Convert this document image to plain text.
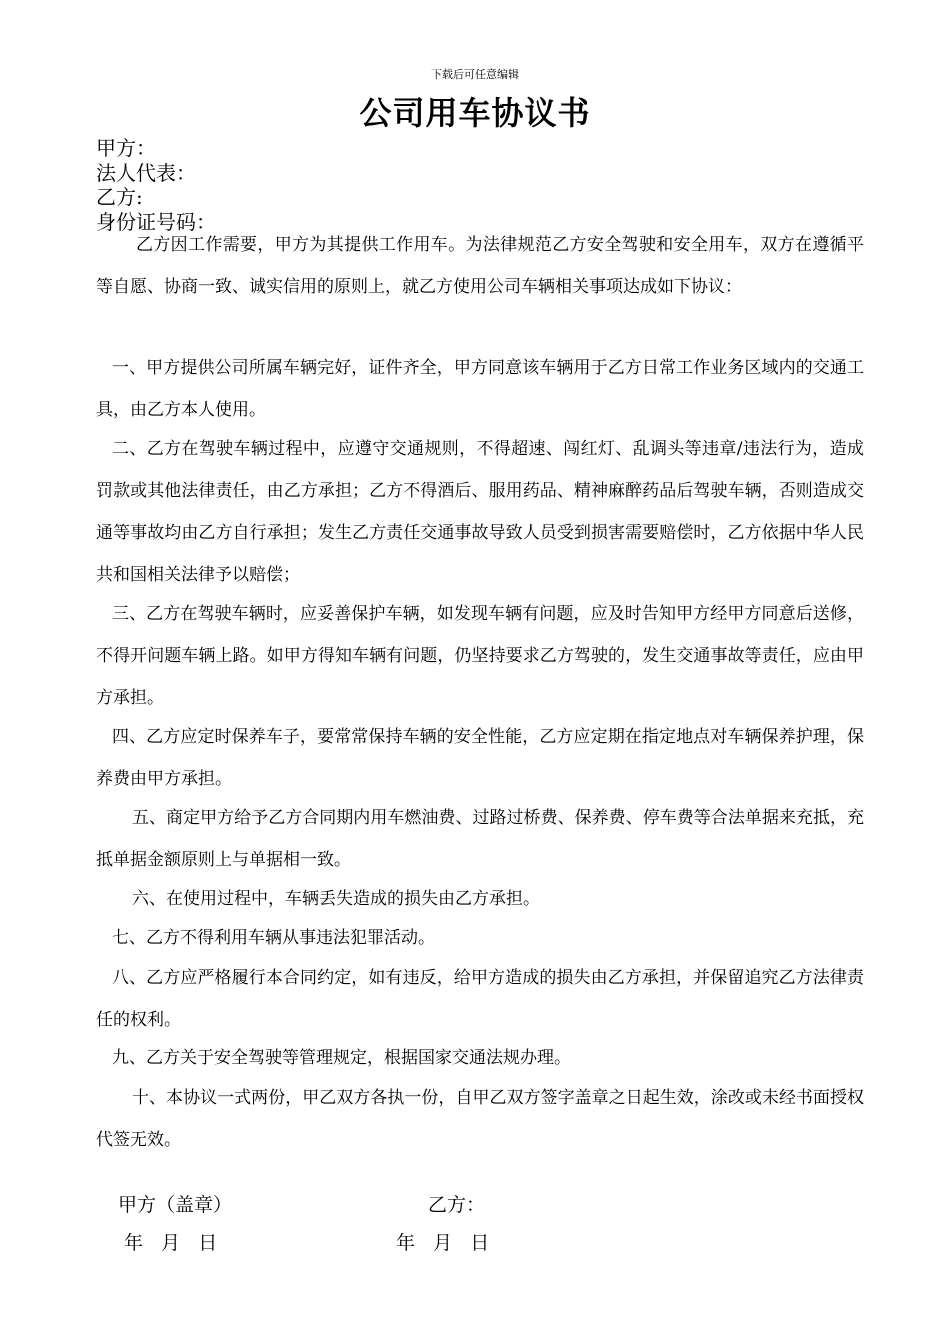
下载后可任意编辑
公司用车协议书
甲方：
法人代表：
乙方:
身份证号码：
乙方因工作需要，甲方为其提供工作用车。为法律规范乙方安全驾驶和安全用车，双方在遵循平等自愿、协商一致、诚实信用的原则上，就乙方使用公司车辆相关事项达成如下协议：
一、甲方提供公司所属车辆完好，证件齐全，甲方同意该车辆用于乙方日常工作业务区域内的交通工具，由乙方本人使用。
二、乙方在驾驶车辆过程中，应遵守交通规则，不得超速、闯红灯、乱调头等违章/违法行为，造成罚款或其他法律责任，由乙方承担；乙方不得酒后、服用药品、精神麻醉药品后驾驶车辆，否则造成交通等事故均由乙方自行承担；发生乙方责任交通事故导致人员受到损害需要赔偿时，乙方依据中华人民共和国相关法律予以赔偿；
三、乙方在驾驶车辆时，应妥善保护车辆，如发现车辆有问题，应及时告知甲方经甲方同意后送修，不得开问题车辆上路。如甲方得知车辆有问题，仍坚持要求乙方驾驶的，发生交通事故等责任，应由甲方承担。
四、乙方应定时保养车子，要常常保持车辆的安全性能，乙方应定期在指定地点对车辆保养护理，保养费由甲方承担。
五、商定甲方给予乙方合同期内用车燃油费、过路过桥费、保养费、停车费等合法单据来充抵，充抵单据金额原则上与单据相一致。
六、在使用过程中，车辆丢失造成的损失由乙方承担。
七、乙方不得利用车辆从事违法犯罪活动。
八、乙方应严格履行本合同约定，如有违反，给甲方造成的损失由乙方承担，并保留追究乙方法律责任的权利。
九、乙方关于安全驾驶等管理规定，根据国家交通法规办理。
十、本协议一式两份，甲乙双方各执一份，自甲乙双方签字盖章之日起生效，涂改或未经书面授权代签无效。
甲方（盖章）	乙方：
年   月   日	年   月   日
